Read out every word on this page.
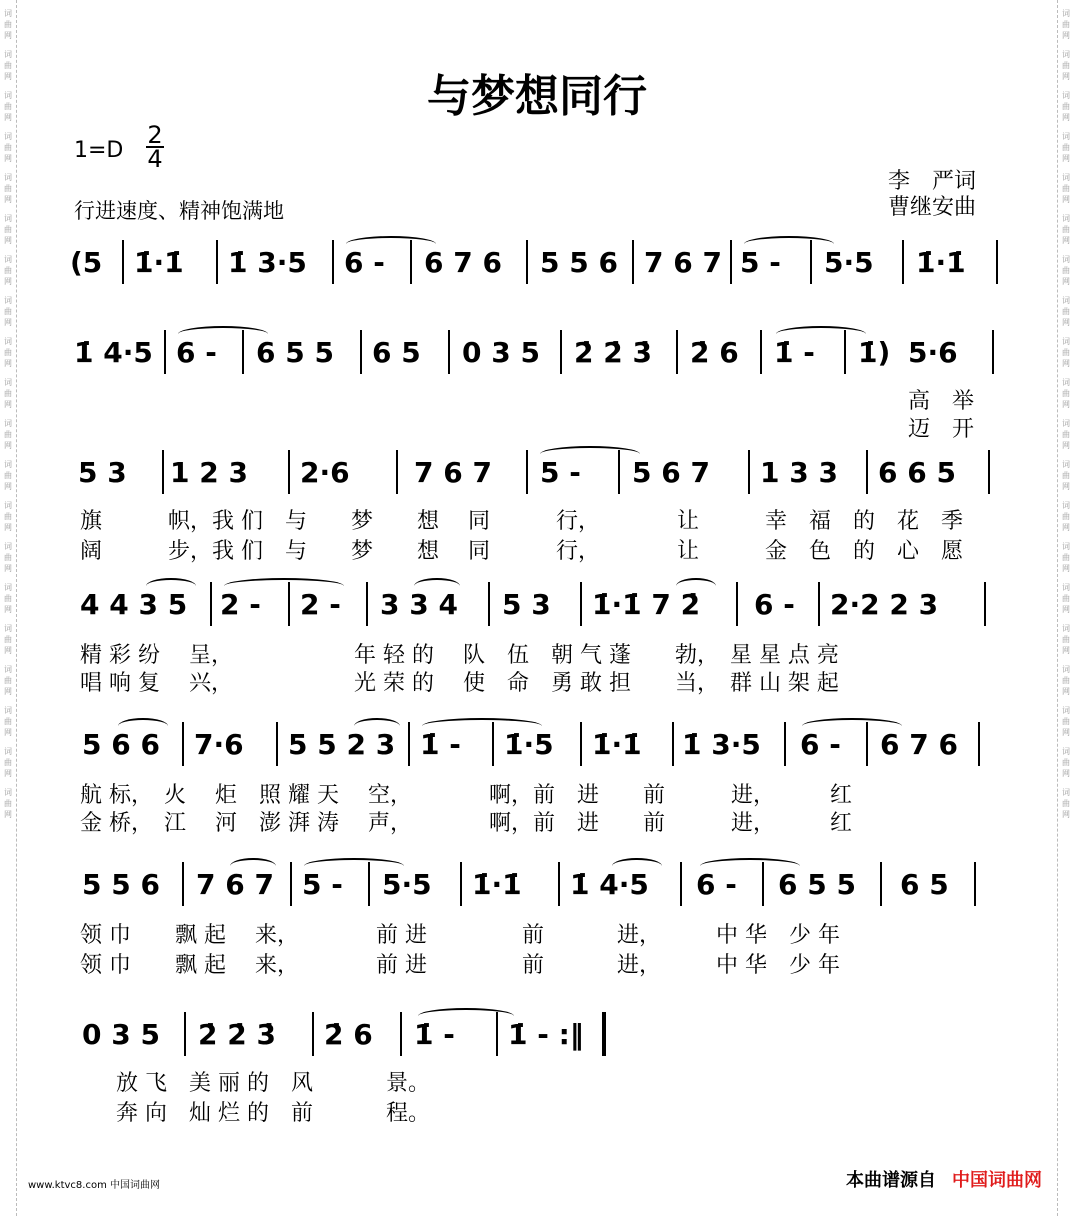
词
曲
网
词
曲
网
词
曲
网
词
曲
网
词
曲
网
词
曲
网
词
曲
网
词
曲
网
词
曲
网
词
曲
网
词
曲
网
词
曲
网
词
曲
网
词
曲
网
词
曲
网
词
曲
网
词
曲
网
词
曲
网
词
曲
网
词
曲
网
词
曲
网
词
曲
网
词
曲
网
词
曲
网
词
曲
网
词
曲
网
词
曲
网
词
曲
网
词
曲
网
词
曲
网
词
曲
网
词
曲
网
词
曲
网
词
曲
网
词
曲
网
词
曲
网
词
曲
网
词
曲
网
词
曲
网
词
曲
网
与梦想同行
$1=D \frac{2}{4}$
行进速度、精神饱满地
李　严词
曹继安曲
(5 1̇·1̇ 1̇ 3·5 6 - 6 7 6 5 5 6 7 6 7 5 - 5·5 1̇·1̇
1̇ 4·5 6 - 6 5 5 6 5 0 3 5 2̇ 2̇ 3̇ 2̇ 6 1̇ - 1̇) 5·6
高　举
迈　开
5 3 1 2 3 2·6 7 6 7 5 - 5 6 7 1 3 3 6 6 5
旗　　　帜，我 们　与　　梦　　想　 同　　　行，　　　　让　　　幸　福　的　花　季
阔　　　步，我 们　与　　梦　　想　 同　　　行，　　　　让　　　金　色　的　心　愿
4 4 3 5 2 - 2 - 3 3 4 5 3 1̇·1̇ 7 2̇ 6 - 2·2 2 3
精 彩 纷　 呈，　　　　　　年 轻 的　 队　伍　朝 气 蓬　　勃，　星 星 点 亮
唱 响 复　 兴，　　　　　　光 荣 的　 使　命　勇 敢 担　　当，　群 山 架 起
5 6 6 7·6 5 5 2 3 1̇ - 1̇·5 1̇·1̇ 1̇ 3·5 6 - 6 7 6
航 标，　火　 炬　照 耀 天　 空，　　　　啊，前　进　　前　　　进，　　　红
金 桥，　江　 河　澎 湃 涛　 声，　　　　啊，前　进　　前　　　进，　　　红
5 5 6 7 6 7 5 - 5·5 1̇·1̇ 1̇ 4·5 6 - 6 5 5 6 5
领 巾　　飘 起　 来，　　　　前 进　　　　 前　　　 进，　　　中 华　少 年
领 巾　　飘 起　 来，　　　　前 进　　　　 前　　　 进，　　　中 华　少 年
0 3 5 2̇ 2̇ 3̇ 2̇ 6 1̇ - 1̇ - :‖
放 飞　美 丽 的　风　　　 景。
奔 向　灿 烂 的　前　　　 程。
www.ktvc8.com 中国词曲网	本曲谱源自 中国词曲网
